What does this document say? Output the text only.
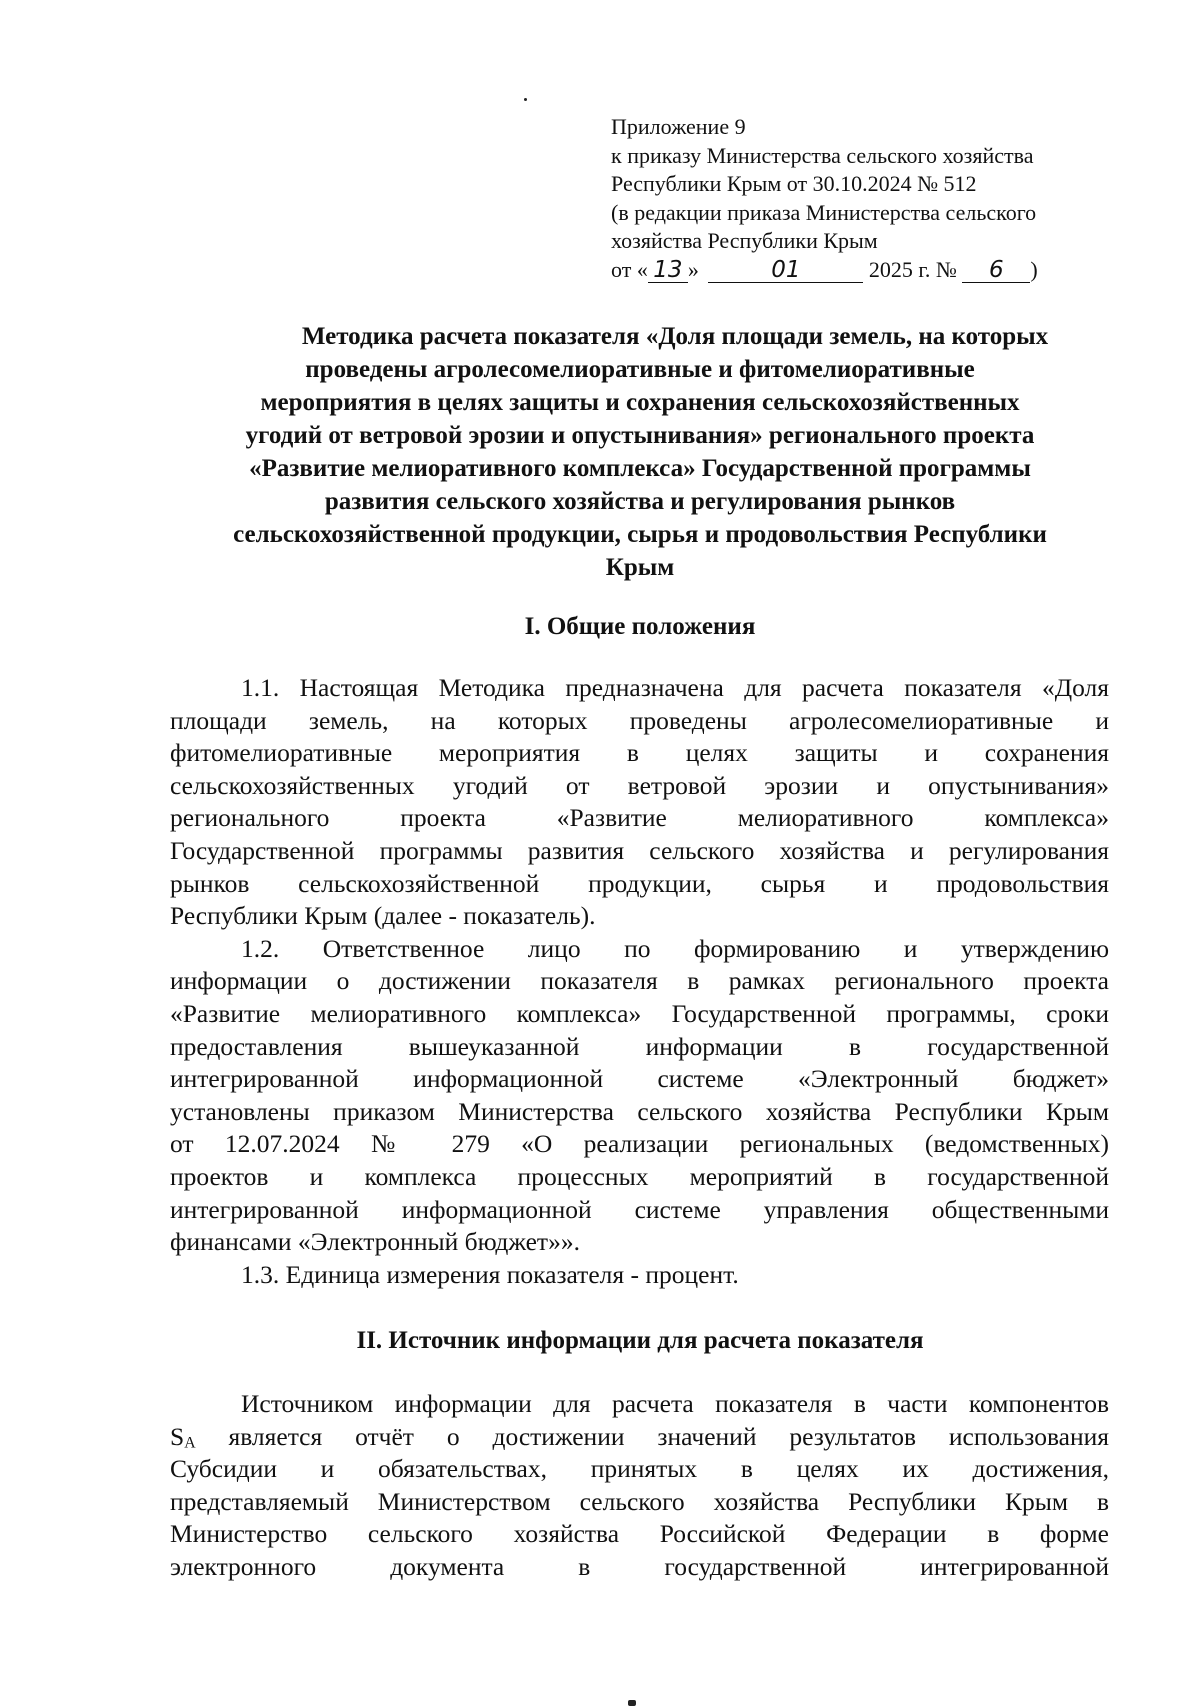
Приложение 9
к приказу Министерства сельского хозяйства
Республики Крым от 30.10.2024 № 512
(в редакции приказа Министерства сельского
хозяйства Республики Крым
от « 13 »	01	2025 г. № 6 )
Методика расчета показателя «Доля площади земель, на которых
проведены агролесомелиоративные и фитомелиоративные
мероприятия в целях защиты и сохранения сельскохозяйственных
угодий от ветровой эрозии и опустынивания» регионального проекта
«Развитие мелиоративного комплекса» Государственной программы
развития сельского хозяйства и регулирования рынков
сельскохозяйственной продукции, сырья и продовольствия Республики
Крым
I. Общие положения
1.1. Настоящая Методика предназначена для расчета показателя «Доля
площади земель, на которых проведены агролесомелиоративные и
фитомелиоративные мероприятия в целях защиты и сохранения
сельскохозяйственных угодий от ветровой эрозии и опустынивания»
регионального проекта «Развитие мелиоративного комплекса»
Государственной программы развития сельского хозяйства и регулирования
рынков сельскохозяйственной продукции, сырья и продовольствия
Республики Крым (далее - показатель).
1.2. Ответственное лицо по формированию и утверждению
информации о достижении показателя в рамках регионального проекта
«Развитие мелиоративного комплекса» Государственной программы, сроки
предоставления вышеуказанной информации в государственной
интегрированной информационной системе «Электронный бюджет»
установлены приказом Министерства сельского хозяйства Республики Крым
от 12.07.2024 № 279 «О реализации региональных (ведомственных)
проектов и комплекса процессных мероприятий в государственной
интегрированной информационной системе управления общественными
финансами «Электронный бюджет»».
1.3. Единица измерения показателя - процент.
II. Источник информации для расчета показателя
Источником информации для расчета показателя в части компонентов
SA является отчёт о достижении значений результатов использования
Субсидии и обязательствах, принятых в целях их достижения,
представляемый Министерством сельского хозяйства Республики Крым в
Министерство сельского хозяйства Российской Федерации в форме
электронного документа в государственной интегрированной
